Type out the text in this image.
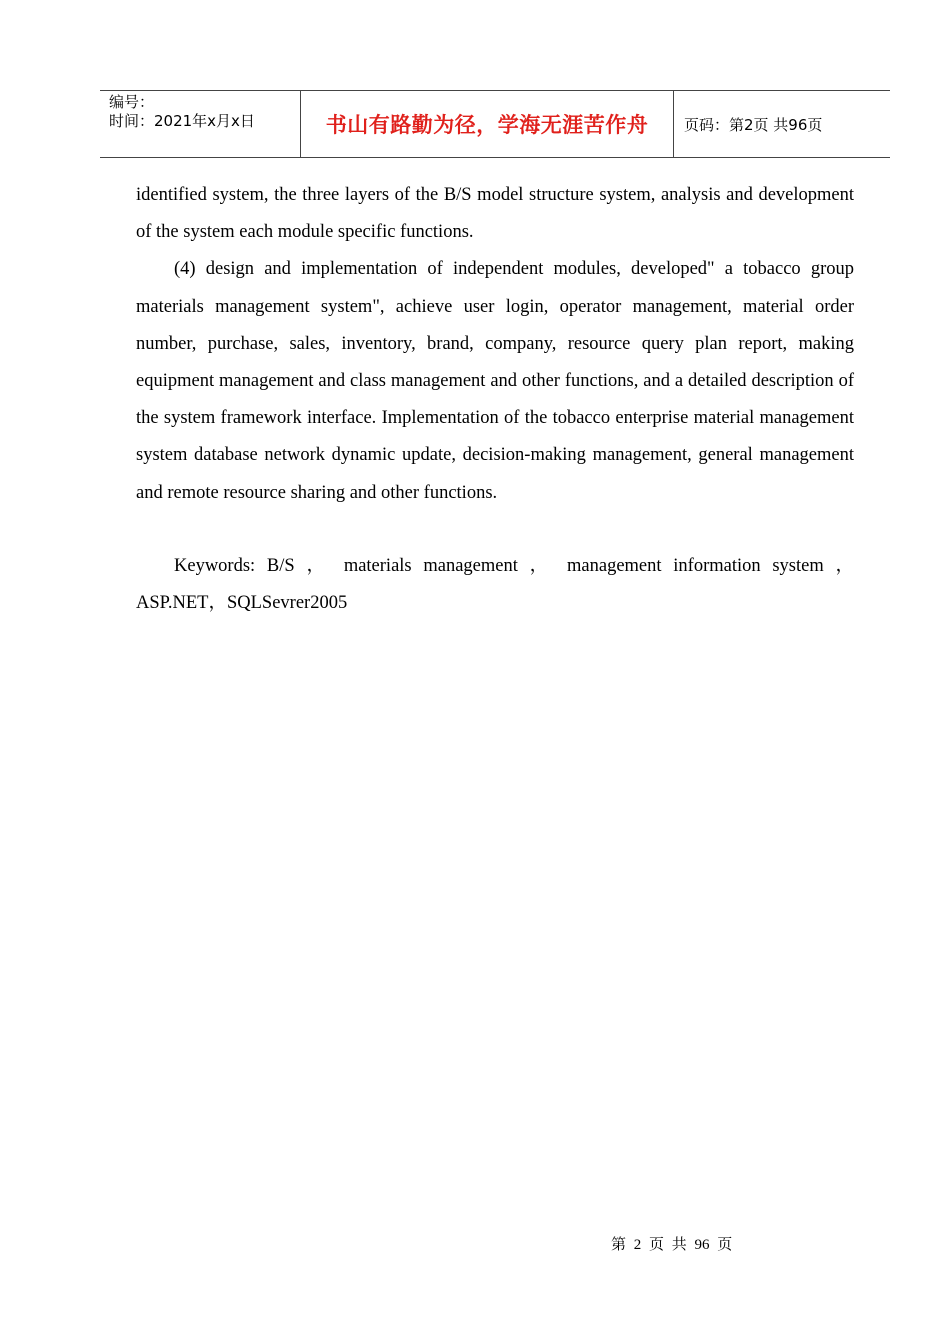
编号：
时间：2021年x月x日	书山有路勤为径，学海无涯苦作舟	页码：第2页 共96页

identified system, the three layers of the B/S model structure system, analysis and development of the system each module specific functions.

(4) design and implementation of independent modules, developed" a tobacco group materials management system", achieve user login, operator management, material order number, purchase, sales, inventory, brand, company, resource query plan report, making equipment management and class management and other functions, and a detailed description of the system framework interface. Implementation of the tobacco enterprise material management system database network dynamic update, decision-making management, general management and remote resource sharing and other functions.

Keywords: B/S ， materials management ， management information system ，

ASP.NET，SQLSevrer2005

第 2 页 共 96 页
